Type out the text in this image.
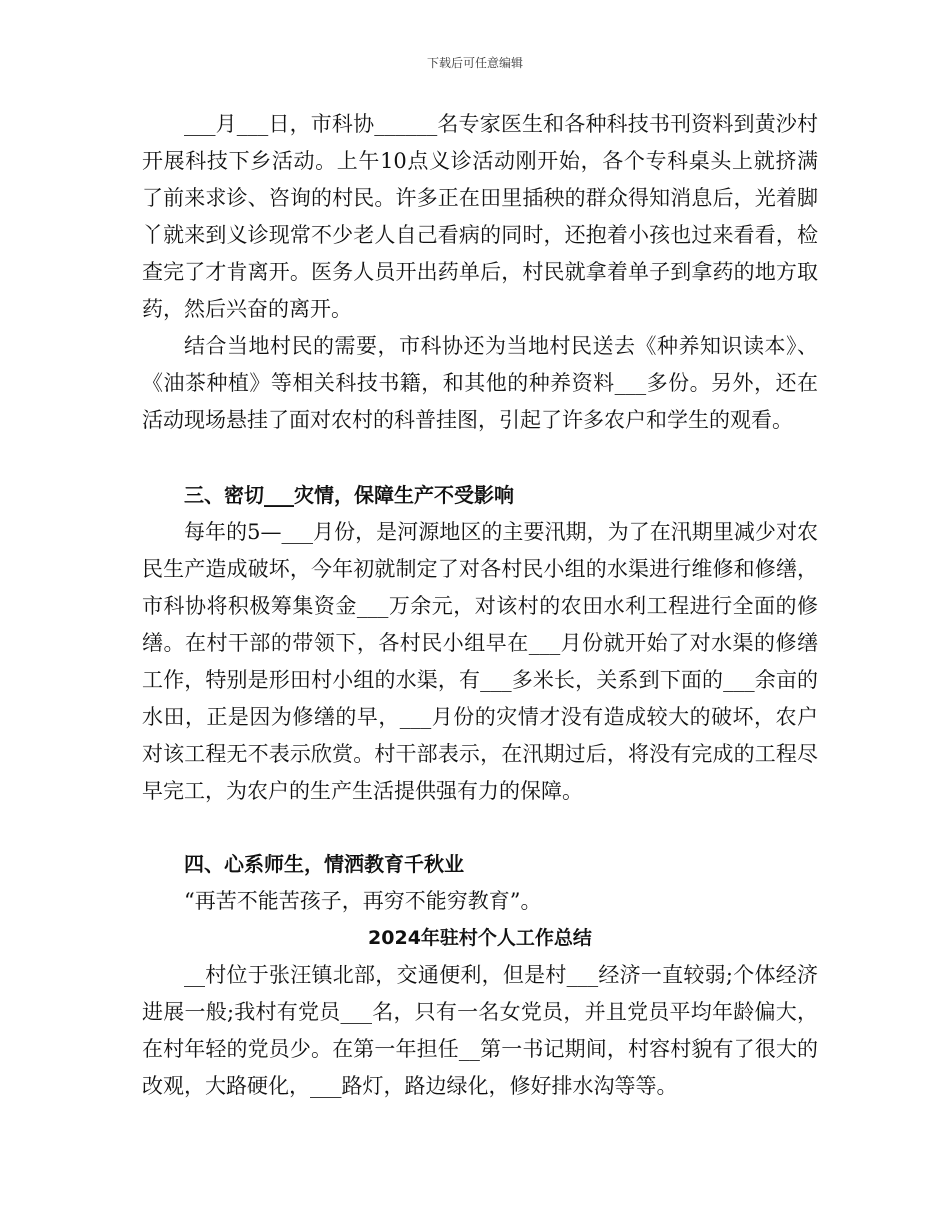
下载后可任意编辑

___月___日，市科协______名专家医生和各种科技书刊资料到黄沙村开展科技下乡活动。上午10点义诊活动刚开始，各个专科桌头上就挤满了前来求诊、咨询的村民。许多正在田里插秧的群众得知消息后，光着脚丫就来到义诊现常不少老人自己看病的同时，还抱着小孩也过来看看，检查完了才肯离开。医务人员开出药单后，村民就拿着单子到拿药的地方取药，然后兴奋的离开。

结合当地村民的需要，市科协还为当地村民送去《种养知识读本》、《油茶种植》等相关科技书籍，和其他的种养资料___多份。另外，还在活动现场悬挂了面对农村的科普挂图，引起了许多农户和学生的观看。

三、密切___灾情，保障生产不受影响

每年的5—___月份，是河源地区的主要汛期，为了在汛期里减少对农民生产造成破坏，今年初就制定了对各村民小组的水渠进行维修和修缮，市科协将积极筹集资金___万余元，对该村的农田水利工程进行全面的修缮。在村干部的带领下，各村民小组早在___月份就开始了对水渠的修缮工作，特别是形田村小组的水渠，有___多米长，关系到下面的___余亩的水田，正是因为修缮的早，___月份的灾情才没有造成较大的破坏，农户对该工程无不表示欣赏。村干部表示，在汛期过后，将没有完成的工程尽早完工，为农户的生产生活提供强有力的保障。

四、心系师生，情洒教育千秋业

“再苦不能苦孩子，再穷不能穷教育”。

2024年驻村个人工作总结

__村位于张汪镇北部，交通便利，但是村___经济一直较弱;个体经济进展一般;我村有党员___名，只有一名女党员，并且党员平均年龄偏大，在村年轻的党员少。在第一年担任__第一书记期间，村容村貌有了很大的改观，大路硬化，___路灯，路边绿化，修好排水沟等等。
